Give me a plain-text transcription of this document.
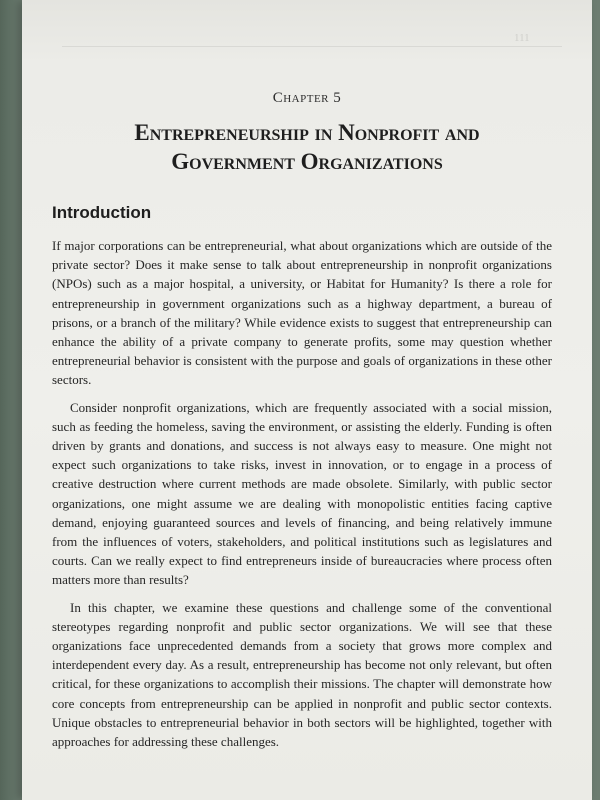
111
Chapter 5
Entrepreneurship in Nonprofit and
Government Organizations
Introduction

If major corporations can be entrepreneurial, what about organizations which are outside of the private sector? Does it make sense to talk about entrepreneurship in nonprofit organizations (NPOs) such as a major hospital, a university, or Habitat for Humanity? Is there a role for entrepreneurship in government organizations such as a highway department, a bureau of prisons, or a branch of the military? While evidence exists to suggest that entrepreneurship can enhance the ability of a private company to generate profits, some may question whether entrepreneurial behavior is consistent with the purpose and goals of organizations in these other sectors.

Consider nonprofit organizations, which are frequently associated with a social mission, such as feeding the homeless, saving the environment, or assisting the elderly. Funding is often driven by grants and donations, and success is not always easy to measure. One might not expect such organizations to take risks, invest in innovation, or to engage in a process of creative destruction where current methods are made obsolete. Similarly, with public sector organizations, one might assume we are dealing with monopolistic entities facing captive demand, enjoying guaranteed sources and levels of financing, and being relatively immune from the influences of voters, stakeholders, and political institutions such as legislatures and courts. Can we really expect to find entrepreneurs inside of bureaucracies where process often matters more than results?

In this chapter, we examine these questions and challenge some of the conventional stereotypes regarding nonprofit and public sector organizations. We will see that these organizations face unprecedented demands from a society that grows more complex and interdependent every day. As a result, entrepreneurship has become not only relevant, but often critical, for these organizations to accomplish their missions. The chapter will demonstrate how core concepts from entrepreneurship can be applied in nonprofit and public sector contexts. Unique obstacles to entrepreneurial behavior in both sectors will be highlighted, together with approaches for addressing these challenges.
